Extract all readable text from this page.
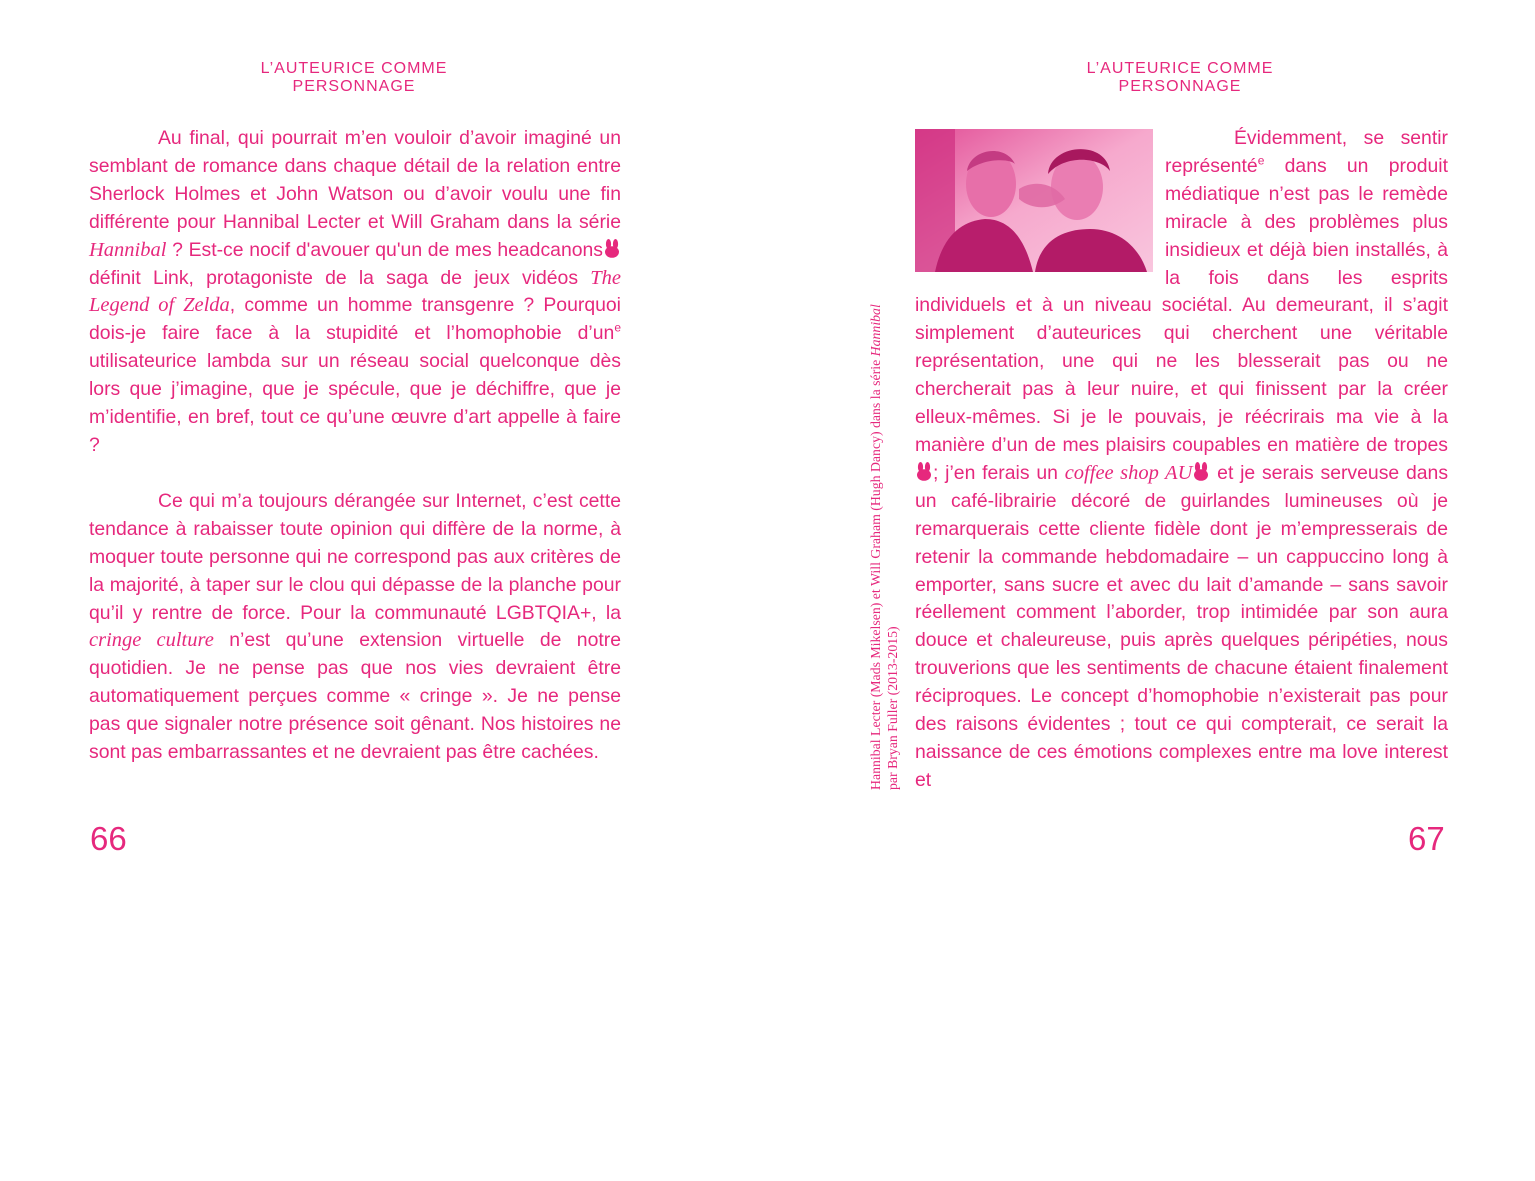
L’AUTEURICE COMME PERSONNAGE

Au final, qui pourrait m’en vouloir d’avoir imaginé un semblant de romance dans chaque détail de la relation entre Sherlock Holmes et John Watson ou d’avoir voulu une fin différente pour Hannibal Lecter et Will Graham dans la série Hannibal ? Est-ce nocif d'avouer qu'un de mes headcanons
définit Link, protagoniste de la saga de jeux vidéos The Legend of Zelda, comme un homme transgenre ? Pourquoi dois-je faire face à la stupidité et l’homophobie $d’un^e$ utilisateurice lambda sur un réseau social quelconque dès lors que j’imagine, que je spécule, que je déchiffre, que je m’identifie, en bref, tout ce qu’une œuvre d’art appelle à faire ?

Ce qui m’a toujours dérangée sur Internet, c’est cette tendance à rabaisser toute opinion qui diffère de la norme, à moquer toute personne qui ne correspond pas aux critères de la majorité, à taper sur le clou qui dépasse de la planche pour qu’il y rentre de force. Pour la communauté LGBTQIA+, la cringe culture n’est qu’une extension virtuelle de notre quotidien. Je ne pense pas que nos vies devraient être automatiquement perçues comme « cringe ». Je ne pense pas que signaler notre présence soit gênant. Nos histoires ne sont pas embarrassantes et ne devraient pas être cachées.

66
L’AUTEURICE COMME PERSONNAGE
Hannibal Lecter (Mads Mikelsen) et Will Graham (Hugh Dancy) dans la série Hannibal
par Bryan Fuller (2013-2015)

Évidemment, se sentir représenté$^e$ dans un produit médiatique n’est pas le remède miracle à des problèmes plus insidieux et déjà bien installés, à la fois dans les esprits individuels et à un niveau sociétal. Au demeurant, il s’agit simplement d’auteurices qui cherchent une véritable représentation, une qui ne les blesserait pas ou ne chercherait pas à leur nuire, et qui finissent par la créer elleux-mêmes. Si je le pouvais, je réécrirais ma vie à la manière d’un de mes plaisirs coupables en matière de tropes
; j’en ferais un coffee shop AU
et je serais serveuse dans un café-librairie décoré de guirlandes lumineuses où je remarquerais cette cliente fidèle dont je m’empresserais de retenir la commande hebdomadaire – un cappuccino long à emporter, sans sucre et avec du lait d’amande – sans savoir réellement comment l’aborder, trop intimidée par son aura douce et chaleureuse, puis après quelques péripéties, nous trouverions que les sentiments de chacune étaient finalement réciproques. Le concept d’homophobie n’existerait pas pour des raisons évidentes ; tout ce qui compterait, ce serait la naissance de ces émotions complexes entre ma love interest et

67
